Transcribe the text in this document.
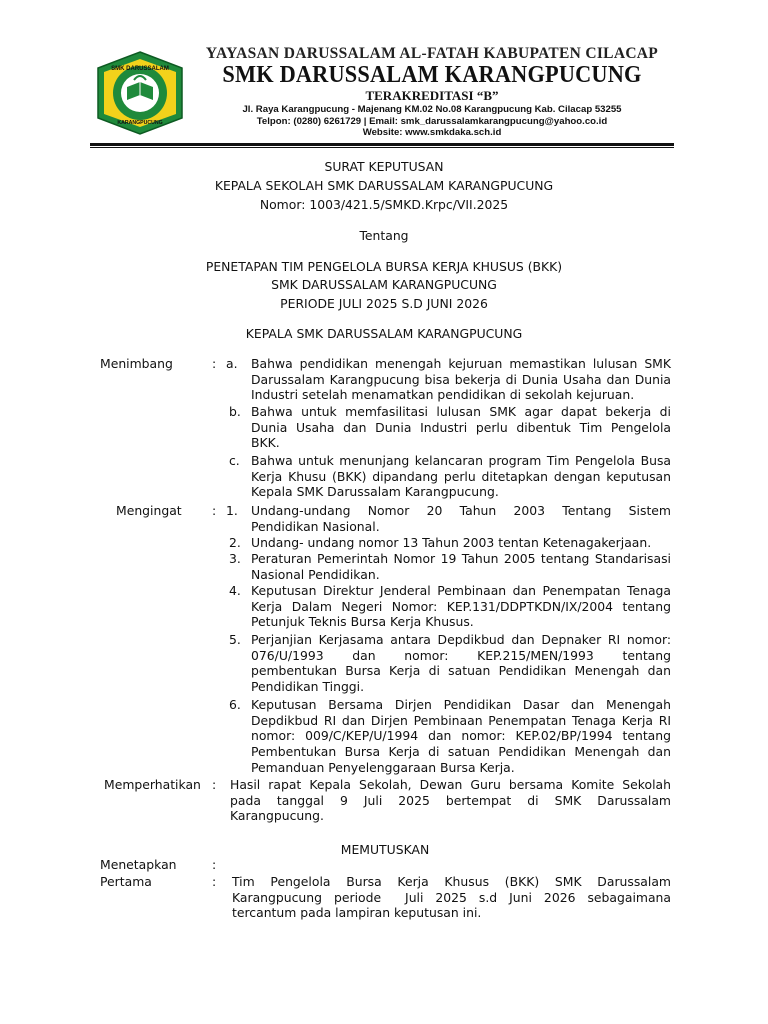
SMK DARUSSALAM
KARANGPUCUNG
YAYASAN DARUSSALAM AL-FATAH KABUPATEN CILACAP
SMK DARUSSALAM KARANGPUCUNG
TERAKREDITASI “B”
Jl. Raya Karangpucung - Majenang KM.02 No.08 Karangpucung Kab. Cilacap 53255
Telpon: (0280) 6261729 | Email: smk_darussalamkarangpucung@yahoo.co.id
Website: www.smkdaka.sch.id
SURAT KEPUTUSAN
KEPALA SEKOLAH SMK DARUSSALAM KARANGPUCUNG
Nomor: 1003/421.5/SMKD.Krpc/VII.2025
Tentang
PENETAPAN TIM PENGELOLA BURSA KERJA KHUSUS (BKK)
SMK DARUSSALAM KARANGPUCUNG
PERIODE JULI 2025 S.D JUNI 2026
KEPALA SMK DARUSSALAM KARANGPUCUNG
Menimbang	: a. Bahwa pendidikan menengah kejuruan memastikan lulusan SMK
Darussalam Karangpucung bisa bekerja di Dunia Usaha dan Dunia
Industri setelah menamatkan pendidikan di sekolah kejuruan.
b. Bahwa untuk memfasilitasi lulusan SMK agar dapat bekerja di
Dunia Usaha dan Dunia Industri perlu dibentuk Tim Pengelola
BKK.
c. Bahwa untuk menunjang kelancaran program Tim Pengelola Busa
Kerja Khusu (BKK) dipandang perlu ditetapkan dengan keputusan
Kepala SMK Darussalam Karangpucung.
Mengingat : 1. Undang-undang Nomor 20 Tahun 2003 Tentang Sistem
Pendidikan Nasional.
2. Undang- undang nomor 13 Tahun 2003 tentan Ketenagakerjaan.
3. Peraturan Pemerintah Nomor 19 Tahun 2005 tentang Standarisasi
Nasional Pendidikan.
4. Keputusan Direktur Jenderal Pembinaan dan Penempatan Tenaga
Kerja Dalam Negeri Nomor: KEP.131/DDPTKDN/IX/2004 tentang
Petunjuk Teknis Bursa Kerja Khusus.
5. Perjanjian Kerjasama antara Depdikbud dan Depnaker RI nomor:
076/U/1993    dan    nomor:    KEP.215/MEN/1993    tentang
pembentukan Bursa Kerja di satuan Pendidikan Menengah dan
Pendidikan Tinggi.
6. Keputusan Bersama Dirjen Pendidikan Dasar dan Menengah
Depdikbud RI dan Dirjen Pembinaan Penempatan Tenaga Kerja RI
nomor: 009/C/KEP/U/1994 dan nomor: KEP.02/BP/1994 tentang
Pembentukan Bursa Kerja di satuan Pendidikan Menengah dan
Pemanduan Penyelenggaraan Bursa Kerja.
Memperhatikan : Hasil rapat Kepala Sekolah, Dewan Guru bersama Komite Sekolah
pada tanggal 9 Juli 2025 bertempat di SMK Darussalam
Karangpucung.
MEMUTUSKAN
Menetapkan	:
Pertama	: Tim Pengelola Bursa Kerja Khusus (BKK) SMK Darussalam
Karangpucung periode  Juli 2025 s.d Juni 2026 sebagaimana
tercantum pada lampiran keputusan ini.
